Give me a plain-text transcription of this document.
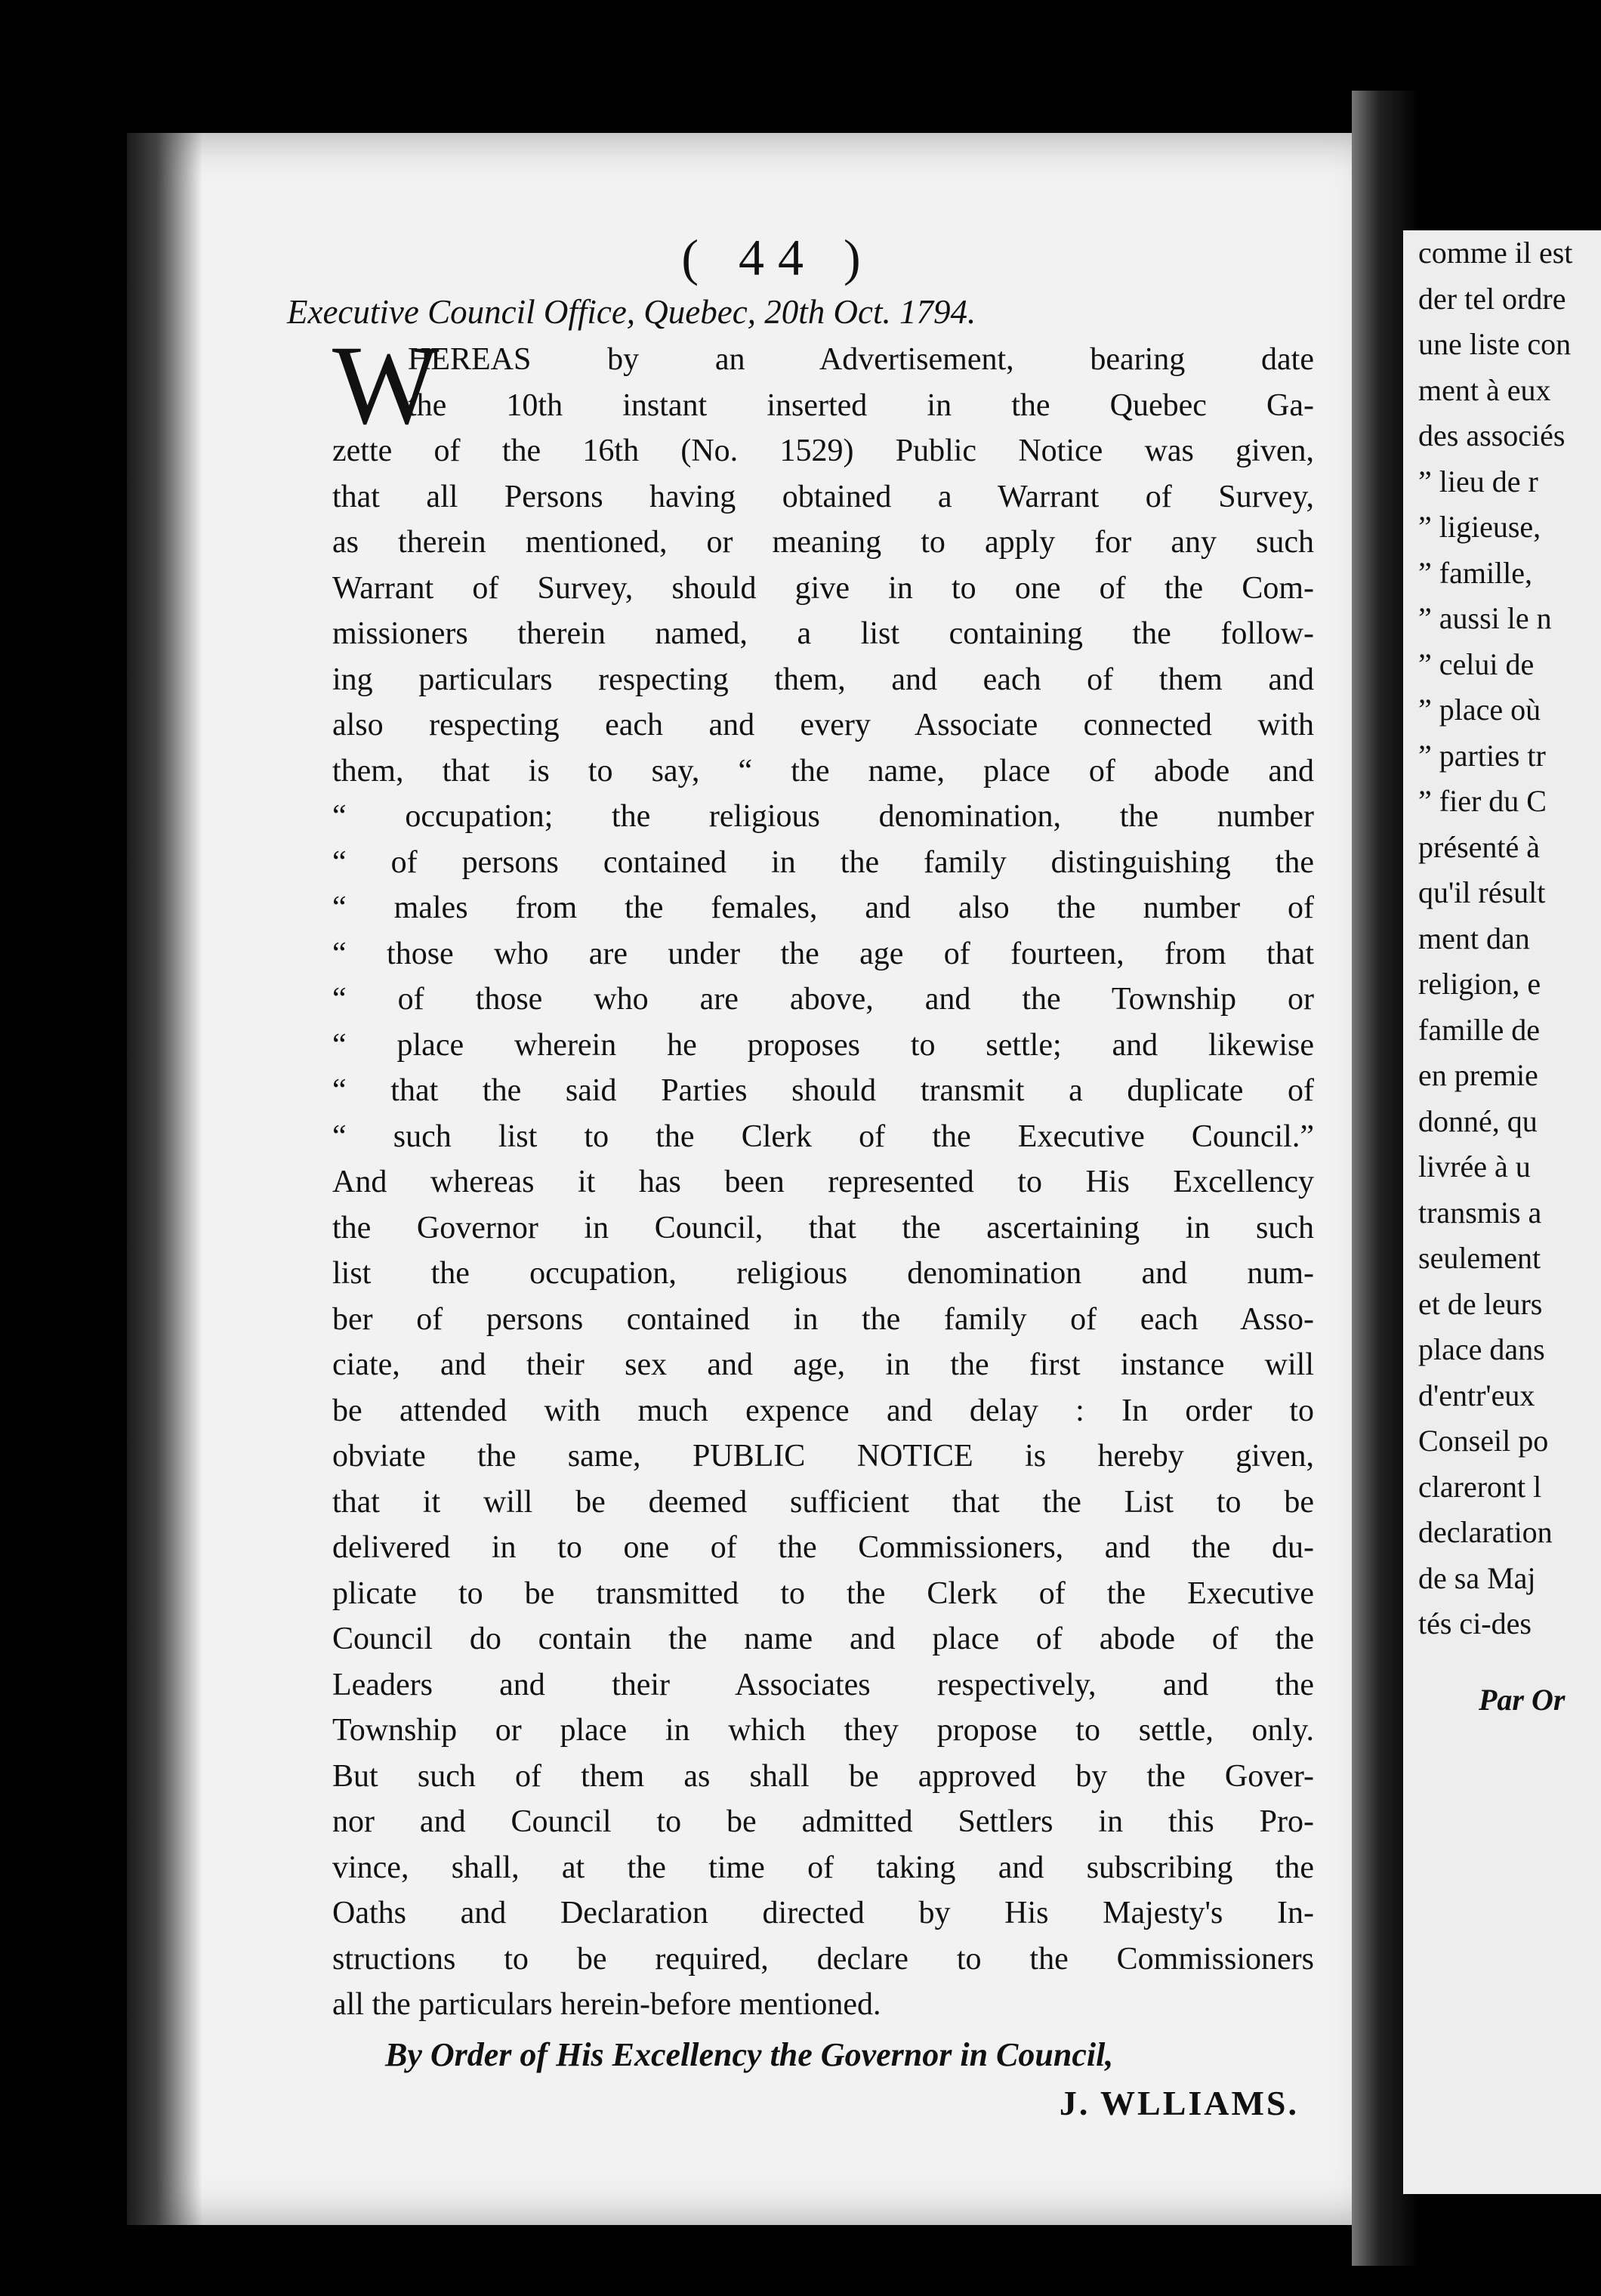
comme il est
der tel ordre
une liste con
ment à eux
des associés
” lieu de r
” ligieuse,
” famille,
” aussi le n
” celui de
” place où
” parties tr
” fier du C
présenté à
qu'il résult
ment dan
religion, e
famille de
en premie
donné, qu
livrée à u
transmis a
seulement
et de leurs
place dans
d'entr'eux
Conseil po
clareront l
declaration
de sa Maj
tés ci-des
Par Or
( 44 )
Executive Council Office, Quebec, 20th Oct. 1794.
W
HEREAS by an Advertisement, bearing date
the 10th instant inserted in the Quebec Ga-
zette of the 16th (No. 1529) Public Notice was given,
that all Persons having obtained a Warrant of Survey,
as therein mentioned, or meaning to apply for any such
Warrant of Survey, should give in to one of the Com-
missioners therein named, a list containing the follow-
ing particulars respecting them, and each of them and
also respecting each and every Associate connected with
them, that is to say, “ the name, place of abode and
“ occupation; the religious denomination, the number
“ of persons contained in the family distinguishing the
“ males from the females, and also the number of
“ those who are under the age of fourteen, from that
“ of those who are above, and the Township or
“ place wherein he proposes to settle; and likewise
“ that the said Parties should transmit a duplicate of
“ such list to the Clerk of the Executive Council.”
And whereas it has been represented to His Excellency
the Governor in Council, that the ascertaining in such
list the occupation, religious denomination and num-
ber of persons contained in the family of each Asso-
ciate, and their sex and age, in the first instance will
be attended with much expence and delay : In order to
obviate the same, PUBLIC NOTICE is hereby given,
that it will be deemed sufficient that the List to be
delivered in to one of the Commissioners, and the du-
plicate to be transmitted to the Clerk of the Executive
Council do contain the name and place of abode of the
Leaders and their Associates respectively, and the
Township or place in which they propose to settle, only.
But such of them as shall be approved by the Gover-
nor and Council to be admitted Settlers in this Pro-
vince, shall, at the time of taking and subscribing the
Oaths and Declaration directed by His Majesty's In-
structions to be required, declare to the Commissioners
all the particulars herein-before mentioned.
By Order of His Excellency the Governor in Council,
J. WLLIAMS.
